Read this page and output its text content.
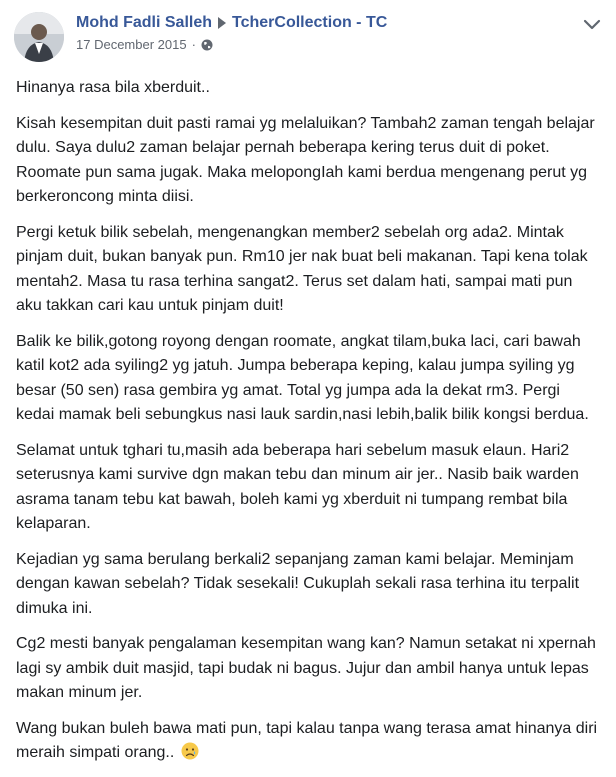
Mohd Fadli Salleh TcherCollection - TC
17 December 2015 ·

Hinanya rasa bila xberduit..

Kisah kesempitan duit pasti ramai yg melaluikan? Tambah2 zaman tengah belajar dulu. Saya dulu2 zaman belajar pernah beberapa kering terus duit di poket. Roomate pun sama jugak. Maka melopongIah kami berdua mengenang perut yg berkeroncong minta diisi.

Pergi ketuk bilik sebelah, mengenangkan member2 sebelah org ada2. Mintak pinjam duit, bukan banyak pun. Rm10 jer nak buat beli makanan. Tapi kena tolak mentah2. Masa tu rasa terhina sangat2. Terus set dalam hati, sampai mati pun aku takkan cari kau untuk pinjam duit!

Balik ke bilik,gotong royong dengan roomate, angkat tilam,buka laci, cari bawah katil kot2 ada syiling2 yg jatuh. Jumpa beberapa keping, kalau jumpa syiling yg besar (50 sen) rasa gembira yg amat. Total yg jumpa ada la dekat rm3. Pergi kedai mamak beli sebungkus nasi lauk sardin,nasi lebih,balik bilik kongsi berdua.

Selamat untuk tghari tu,masih ada beberapa hari sebelum masuk elaun. Hari2 seterusnya kami survive dgn makan tebu dan minum air jer.. Nasib baik warden asrama tanam tebu kat bawah, boleh kami yg xberduit ni tumpang rembat bila kelaparan.

Kejadian yg sama berulang berkali2 sepanjang zaman kami belajar. Meminjam dengan kawan sebelah? Tidak sesekali! Cukuplah sekali rasa terhina itu terpalit dimuka ini.

Cg2 mesti banyak pengalaman kesempitan wang kan? Namun setakat ni xpernah lagi sy ambik duit masjid, tapi budak ni bagus. Jujur dan ambil hanya untuk lepas makan minum jer.

Wang bukan buleh bawa mati pun, tapi kalau tanpa wang terasa amat hinanya diri meraih simpati orang..
